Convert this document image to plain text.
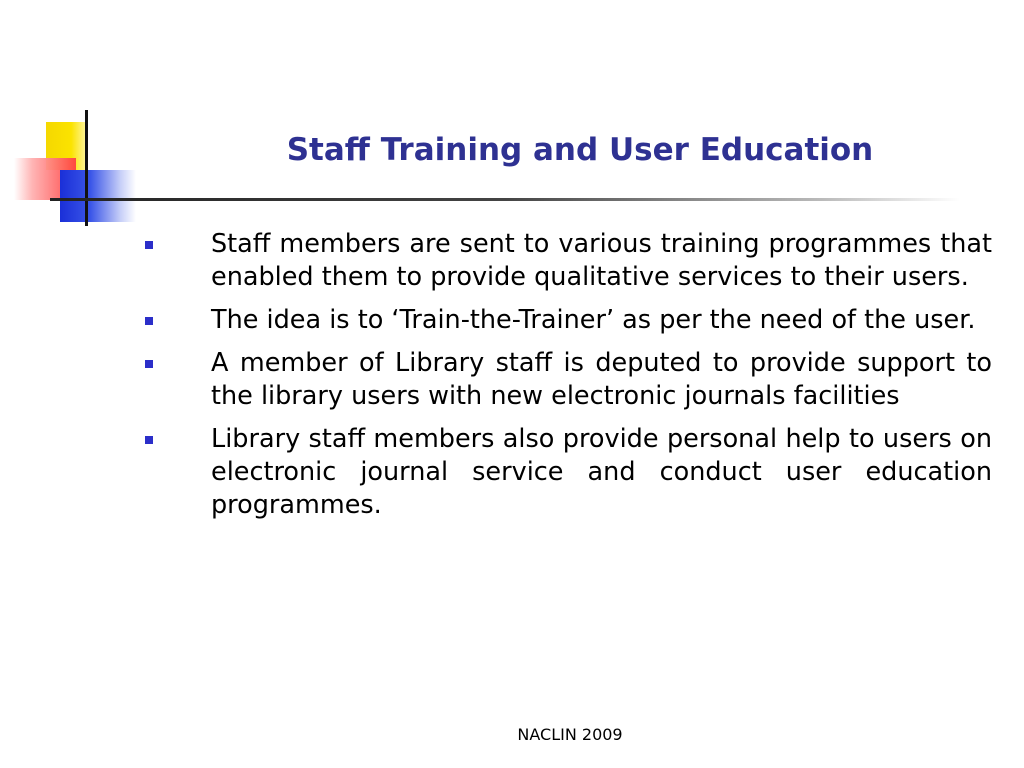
Staff Training and User Education
Staff members are sent to various training programmes that enabled them to provide qualitative services to their users.
The idea is to ‘Train-the-Trainer’ as per the need of the user.
A member of Library staff is deputed to provide support to the library users with new electronic journals facilities
Library staff members also provide personal help to users on electronic journal service and conduct user education programmes.
NACLIN 2009
